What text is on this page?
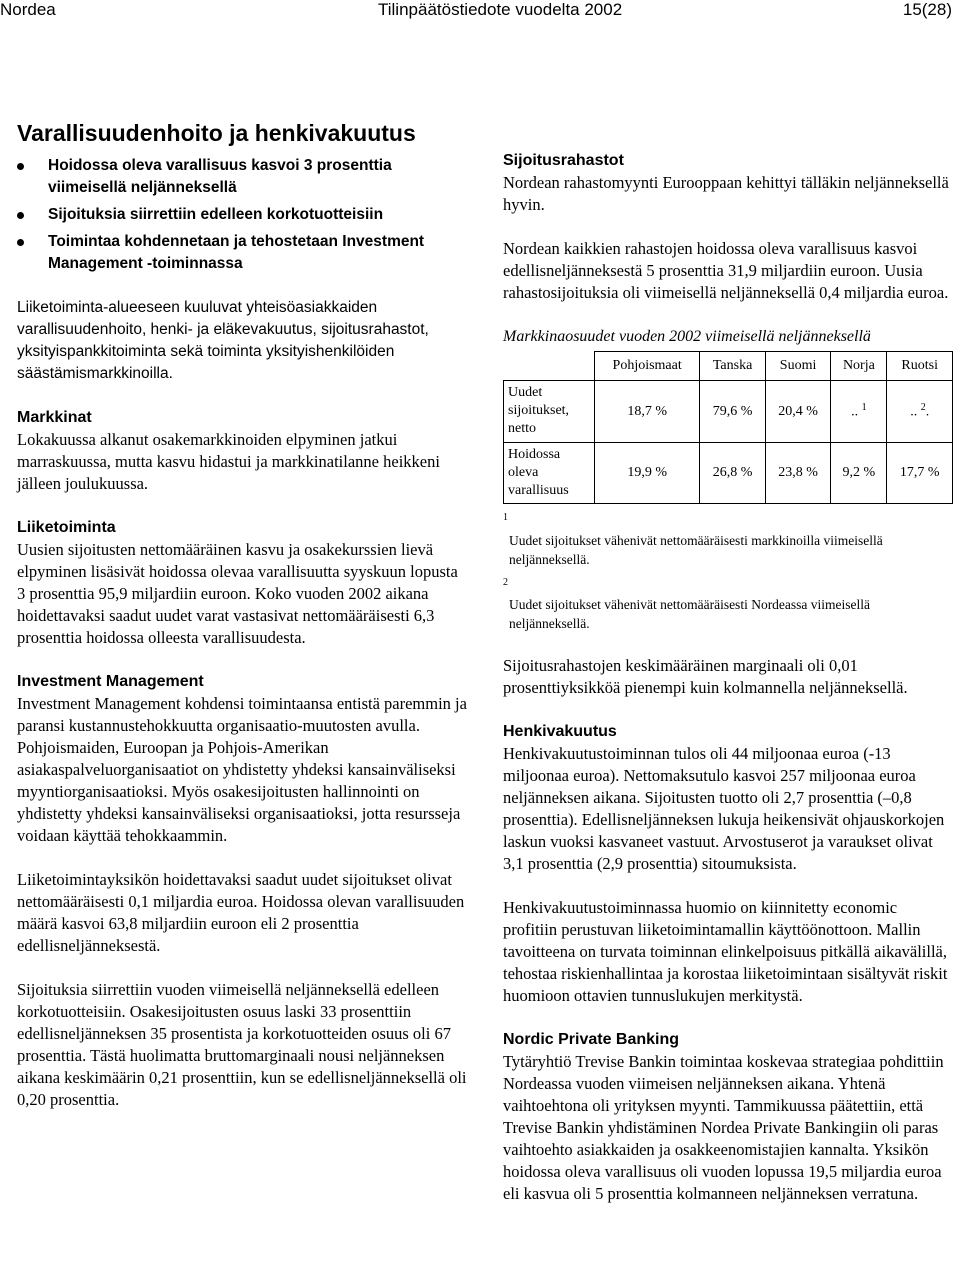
Nordea	Tilinpäätöstiedote vuodelta 2002	15(28)
Varallisuudenhoito ja henkivakuutus
Hoidossa oleva varallisuus kasvoi 3 prosenttia viimeisellä neljänneksellä
Sijoituksia siirrettiin edelleen korkotuotteisiin
Toimintaa kohdennetaan ja tehostetaan Investment Management -toiminnassa

Liiketoiminta-alueeseen kuuluvat yhteisöasiakkaiden varallisuudenhoito, henki- ja eläkevakuutus, sijoitusrahastot, yksityispankkitoiminta sekä toiminta yksityishenkilöiden säästämismarkkinoilla.

Markkinat

Lokakuussa alkanut osakemarkkinoiden elpyminen jatkui marraskuussa, mutta kasvu hidastui ja markkinatilanne heikkeni jälleen joulukuussa.

Liiketoiminta

Uusien sijoitusten nettomääräinen kasvu ja osakekurssien lievä elpyminen lisäsivät hoidossa olevaa varallisuutta syyskuun lopusta 3 prosenttia 95,9 miljardiin euroon. Koko vuoden 2002 aikana hoidettavaksi saadut uudet varat vastasivat nettomääräisesti 6,3 prosenttia hoidossa olleesta varallisuudesta.

Investment Management

Investment Management kohdensi toimintaansa entistä paremmin ja paransi kustannustehokkuutta organisaatio-muutosten avulla. Pohjoismaiden, Euroopan ja Pohjois-Amerikan asiakaspalveluorganisaatiot on yhdistetty yhdeksi kansainväliseksi myyntiorganisaatioksi. Myös osakesijoitusten hallinnointi on yhdistetty yhdeksi kansainväliseksi organisaatioksi, jotta resursseja voidaan käyttää tehokkaammin.

Liiketoimintayksikön hoidettavaksi saadut uudet sijoitukset olivat nettomääräisesti 0,1 miljardia euroa. Hoidossa olevan varallisuuden määrä kasvoi 63,8 miljardiin euroon eli 2 prosenttia edellisneljänneksestä.

Sijoituksia siirrettiin vuoden viimeisellä neljänneksellä edelleen korkotuotteisiin. Osakesijoitusten osuus laski 33 prosenttiin edellisneljänneksen 35 prosentista ja korkotuotteiden osuus oli 67 prosenttia. Tästä huolimatta bruttomarginaali nousi neljänneksen aikana keskimäärin 0,21 prosenttiin, kun se edellisneljänneksellä oli 0,20 prosenttia.

Sijoitusrahastot

Nordean rahastomyynti Eurooppaan kehittyi tälläkin neljänneksellä hyvin.

Nordean kaikkien rahastojen hoidossa oleva varallisuus kasvoi edellisneljänneksestä 5 prosenttia 31,9 miljardiin euroon. Uusia rahastosijoituksia oli viimeisellä neljänneksellä 0,4 miljardia euroa.

Markkinaosuudet vuoden 2002 viimeisellä neljänneksellä

	Pohjoismaat	Tanska	Suomi	Norja	Ruotsi
Uudet sijoitukset, netto	18,7 %	79,6 %	20,4 %	.. $^1$	.. $^2$.
Hoidossa oleva varallisuus	19,9 %	26,8 %	23,8 %	9,2 %	17,7 %

$^1$Uudet sijoitukset vähenivät nettomääräisesti markkinoilla viimeisellä neljänneksellä.

$^2$Uudet sijoitukset vähenivät nettomääräisesti Nordeassa viimeisellä neljänneksellä.

Sijoitusrahastojen keskimääräinen marginaali oli 0,01 prosenttiyksikköä pienempi kuin kolmannella neljänneksellä.

Henkivakuutus

Henkivakuutustoiminnan tulos oli 44 miljoonaa euroa (-13 miljoonaa euroa). Nettomaksutulo kasvoi 257 miljoonaa euroa neljänneksen aikana. Sijoitusten tuotto oli 2,7 prosenttia (–0,8 prosenttia). Edellisneljänneksen lukuja heikensivät ohjauskorkojen laskun vuoksi kasvaneet vastuut. Arvostuserot ja varaukset olivat 3,1 prosenttia (2,9 prosenttia) sitoumuksista.

Henkivakuutustoiminnassa huomio on kiinnitetty economic profitiin perustuvan liiketoimintamallin käyttöönottoon. Mallin tavoitteena on turvata toiminnan elinkelpoisuus pitkällä aikavälillä, tehostaa riskienhallintaa ja korostaa liiketoimintaan sisältyvät riskit huomioon ottavien tunnuslukujen merkitystä.

Nordic Private Banking

Tytäryhtiö Trevise Bankin toimintaa koskevaa strategiaa pohdittiin Nordeassa vuoden viimeisen neljänneksen aikana. Yhtenä vaihtoehtona oli yrityksen myynti. Tammikuussa päätettiin, että Trevise Bankin yhdistäminen Nordea Private Bankingiin oli paras vaihtoehto asiakkaiden ja osakkeenomistajien kannalta. Yksikön hoidossa oleva varallisuus oli vuoden lopussa 19,5 miljardia euroa eli kasvua oli 5 prosenttia kolmanneen neljänneksen verratuna.
